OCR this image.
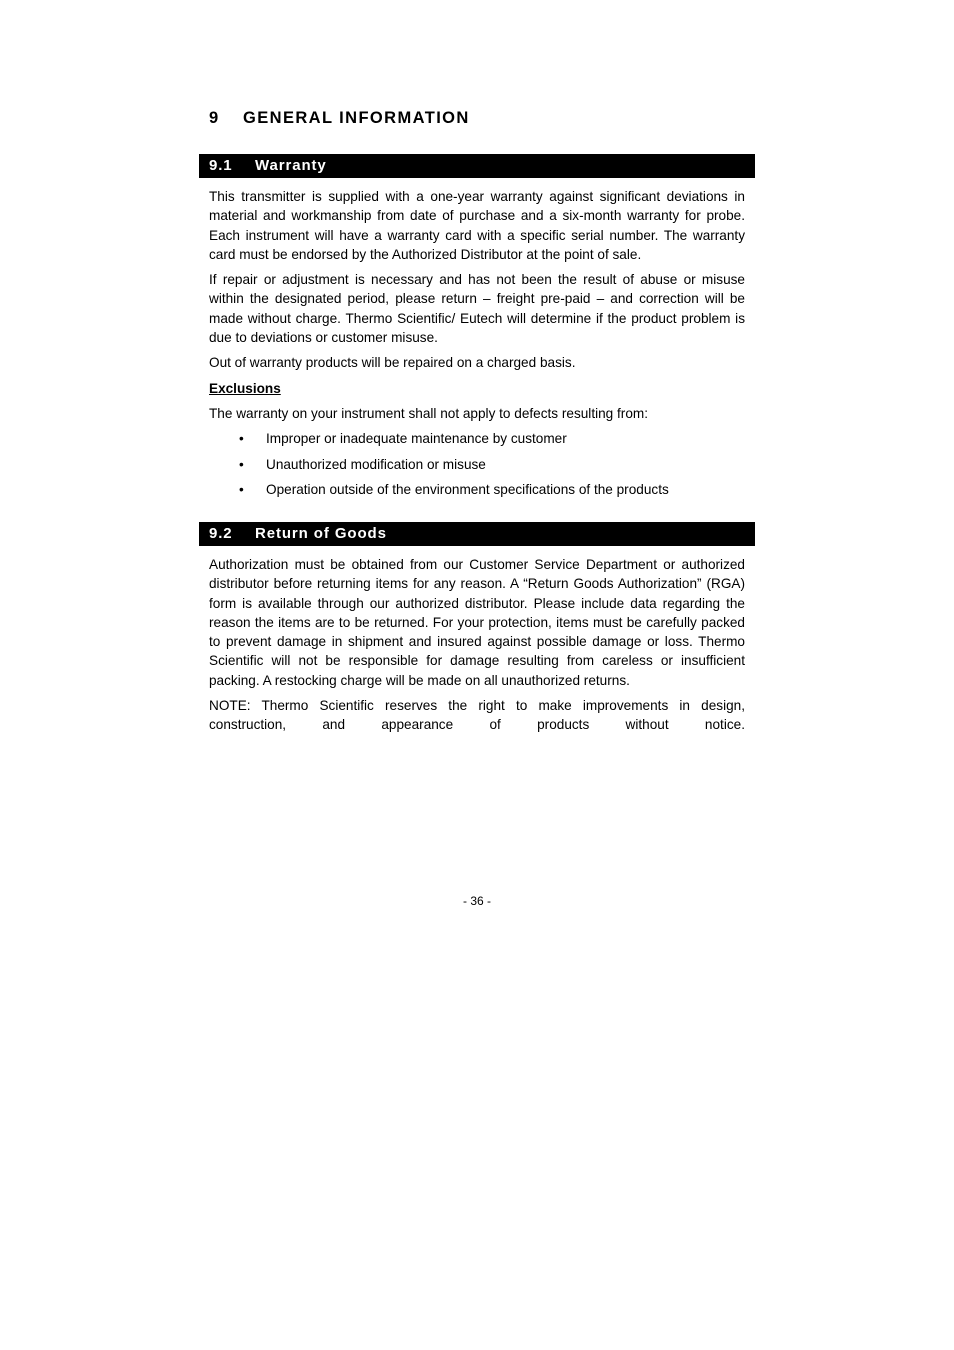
9 GENERAL INFORMATION
9.1 Warranty

This transmitter is supplied with a one-year warranty against significant deviations in material and workmanship from date of purchase and a six-month warranty for probe. Each instrument will have a warranty card with a specific serial number. The warranty card must be endorsed by the Authorized Distributor at the point of sale.

If repair or adjustment is necessary and has not been the result of abuse or misuse within the designated period, please return – freight pre-paid – and correction will be made without charge. Thermo Scientific/ Eutech will determine if the product problem is due to deviations or customer misuse.

Out of warranty products will be repaired on a charged basis.

Exclusions

The warranty on your instrument shall not apply to defects resulting from:

• Improper or inadequate maintenance by customer
• Unauthorized modification or misuse
• Operation outside of the environment specifications of the products
9.2 Return of Goods

Authorization must be obtained from our Customer Service Department or authorized distributor before returning items for any reason. A “Return Goods Authorization” (RGA) form is available through our authorized distributor. Please include data regarding the reason the items are to be returned. For your protection, items must be carefully packed to prevent damage in shipment and insured against possible damage or loss. Thermo Scientific will not be responsible for damage resulting from careless or insufficient packing. A restocking charge will be made on all unauthorized returns.

NOTE: Thermo Scientific reserves the right to make improvements in design, construction, and appearance of products without notice.

- 36 -
